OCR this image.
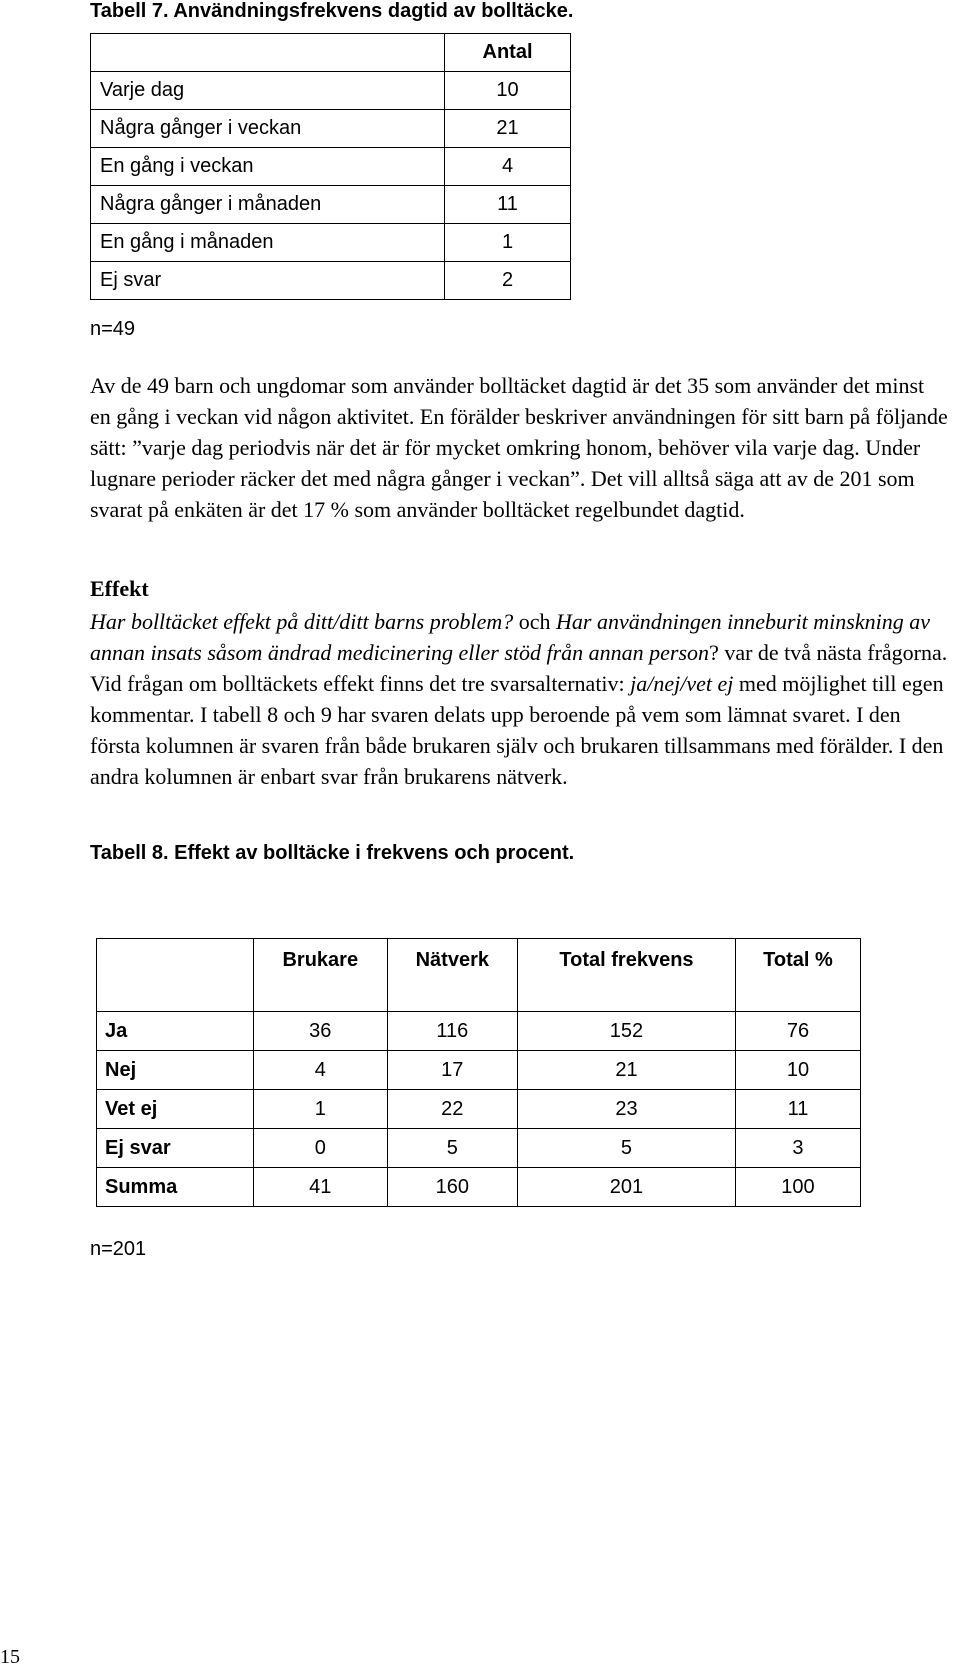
Tabell 7. Användningsfrekvens dagtid av bolltäcke.
	Antal
Varje dag	10
Några gånger i veckan	21
En gång i veckan	4
Några gånger i månaden	11
En gång i månaden	1
Ej svar	2
n=49

Av de 49 barn och ungdomar som använder bolltäcket dagtid är det 35 som använder det minst en gång i veckan vid någon aktivitet. En förälder beskriver användningen för sitt barn på följande sätt: ”varje dag periodvis när det är för mycket omkring honom, behöver vila varje dag. Under lugnare perioder räcker det med några gånger i veckan”. Det vill alltså säga att av de 201 som svarat på enkäten är det 17 % som använder bolltäcket regelbundet dagtid.

Effekt

Har bolltäcket effekt på ditt/ditt barns problem? och Har användningen inneburit minskning av annan insats såsom ändrad medicinering eller stöd från annan person? var de två nästa frågorna. Vid frågan om bolltäckets effekt finns det tre svarsalternativ: ja/nej/vet ej med möjlighet till egen kommentar. I tabell 8 och 9 har svaren delats upp beroende på vem som lämnat svaret. I den första kolumnen är svaren från både brukaren själv och brukaren tillsammans med förälder. I den andra kolumnen är enbart svar från brukarens nätverk.

Tabell 8. Effekt av bolltäcke i frekvens och procent.
	Brukare	Nätverk	Total frekvens	Total %
Ja	36	116	152	76
Nej	4	17	21	10
Vet ej	1	22	23	11
Ej svar	0	5	5	3
Summa	41	160	201	100
n=201
15
